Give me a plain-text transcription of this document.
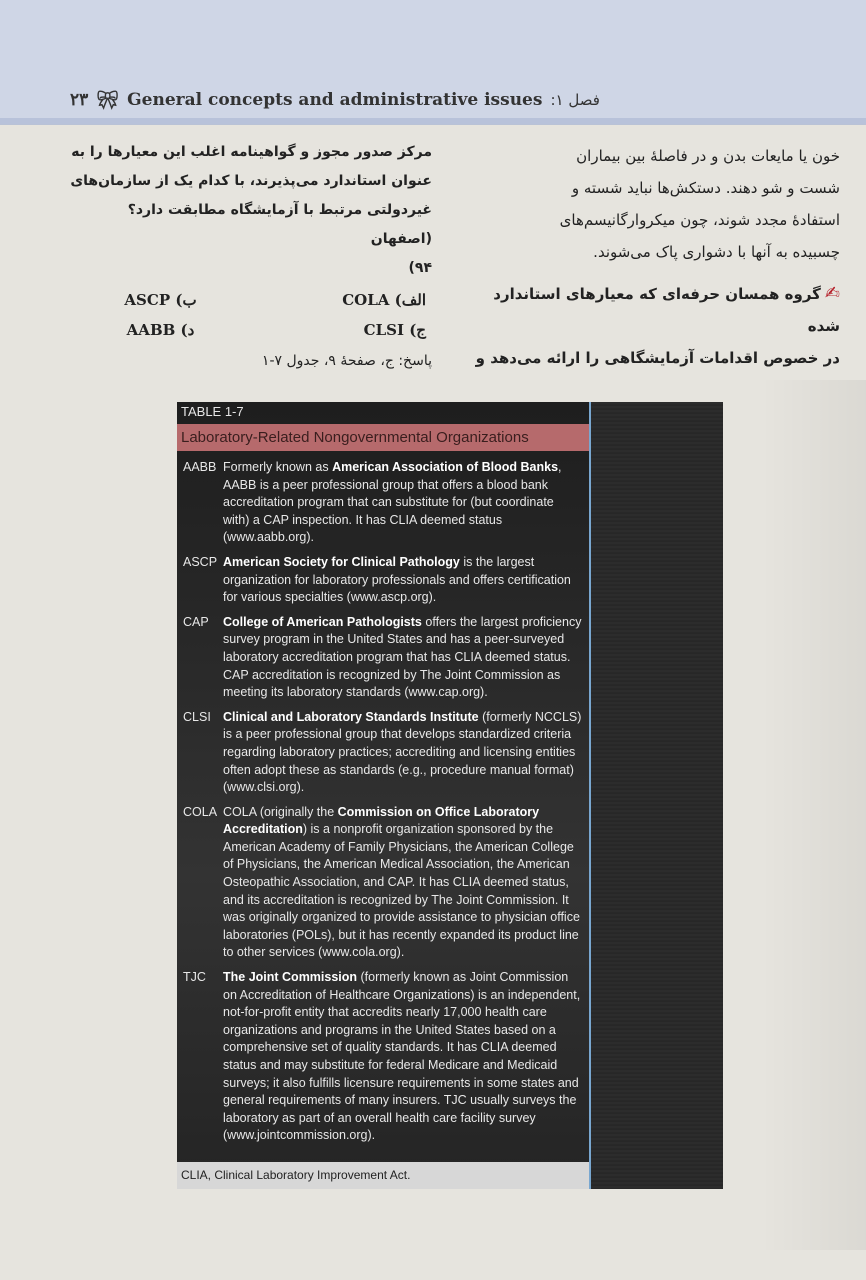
۲۳ 🎀︎ General concepts and administrative issues فصل ۱:

خون یا مایعات بدن و در فاصلهٔ بین بیماران

شست و شو دهند. دستکش‌ها نباید شسته و

استفادهٔ مجدد شوند، چون میکروارگانیسم‌های

چسبیده به آنها با دشواری پاک می‌شوند.

✍گروه همسان حرفه‌ای که معیارهای استاندارد شده

در خصوص اقدامات آزمایشگاهی را ارائه می‌دهد و

مرکز صدور مجوز و گواهینامه اغلب این معیارها را به

عنوان استاندارد می‌پذیرند، با کدام یک از سازمان‌های

غیردولتی مرتبط با آزمایشگاه مطابقت دارد؟ (اصفهان

۹۴)

الف) COLA
ب) ASCP
ج) CLSI
د) AABB
پاسخ: ج، صفحهٔ ۹، جدول ۷-۱
TABLE 1-7
Laboratory-Related Nongovernmental Organizations
AABB Formerly known as American Association of Blood Banks, AABB is a peer professional group that offers a blood bank accreditation program that can substitute for (but coordinate with) a CAP inspection. It has CLIA deemed status (www.aabb.org).
ASCP American Society for Clinical Pathology is the largest organization for laboratory professionals and offers certification for various specialties (www.ascp.org).
CAP	College of American Pathologists offers the largest proficiency survey program in the United States and has a peer-surveyed laboratory accreditation program that has CLIA deemed status. CAP accreditation is recognized by The Joint Commission as meeting its laboratory standards (www.cap.org).
CLSI Clinical and Laboratory Standards Institute (formerly NCCLS) is a peer professional group that develops standardized criteria regarding laboratory practices; accrediting and licensing entities often adopt these as standards (e.g., procedure manual format) (www.clsi.org).
COLA COLA (originally the Commission on Office Laboratory Accreditation) is a nonprofit organization sponsored by the American Academy of Family Physicians, the American College of Physicians, the American Medical Association, the American Osteopathic Association, and CAP. It has CLIA deemed status, and its accreditation is recognized by The Joint Commission. It was originally organized to provide assistance to physician office laboratories (POLs), but it has recently expanded its product line to other services (www.cola.org).
TJC	The Joint Commission (formerly known as Joint Commission on Accreditation of Healthcare Organizations) is an independent, not-for-profit entity that accredits nearly 17,000 health care organizations and programs in the United States based on a comprehensive set of quality standards. It has CLIA deemed status and may substitute for federal Medicare and Medicaid surveys; it also fulfills licensure requirements in some states and general requirements of many insurers. TJC usually surveys the laboratory as part of an overall health care facility survey (www.jointcommission.org).
CLIA, Clinical Laboratory Improvement Act.
